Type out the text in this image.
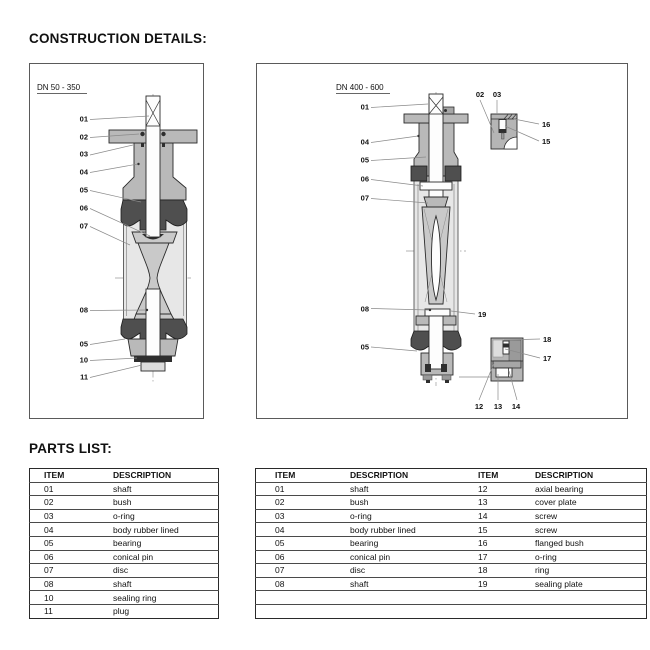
CONSTRUCTION DETAILS:
01
02
03
04
05
06
07
08
05
10
11
DN 50 - 350
01
04
05
06
07
08
05
02 03
16
15
19
18
17
12 13 14
DN 400 - 600
PARTS LIST:
ITEM	DESCRIPTION
01	shaft
02	bush
03	o-ring
04	body rubber lined
05	bearing
06	conical pin
07	disc
08	shaft
10	sealing ring
11	plug
ITEM	DESCRIPTION	ITEM	DESCRIPTION
01	shaft	12	axial bearing
02	bush	13	cover plate
03	o-ring	14	screw
04	body rubber lined	15	screw
05	bearing	16	flanged bush
06	conical pin	17	o-ring
07	disc	18	ring
08	shaft	19	sealing plate
